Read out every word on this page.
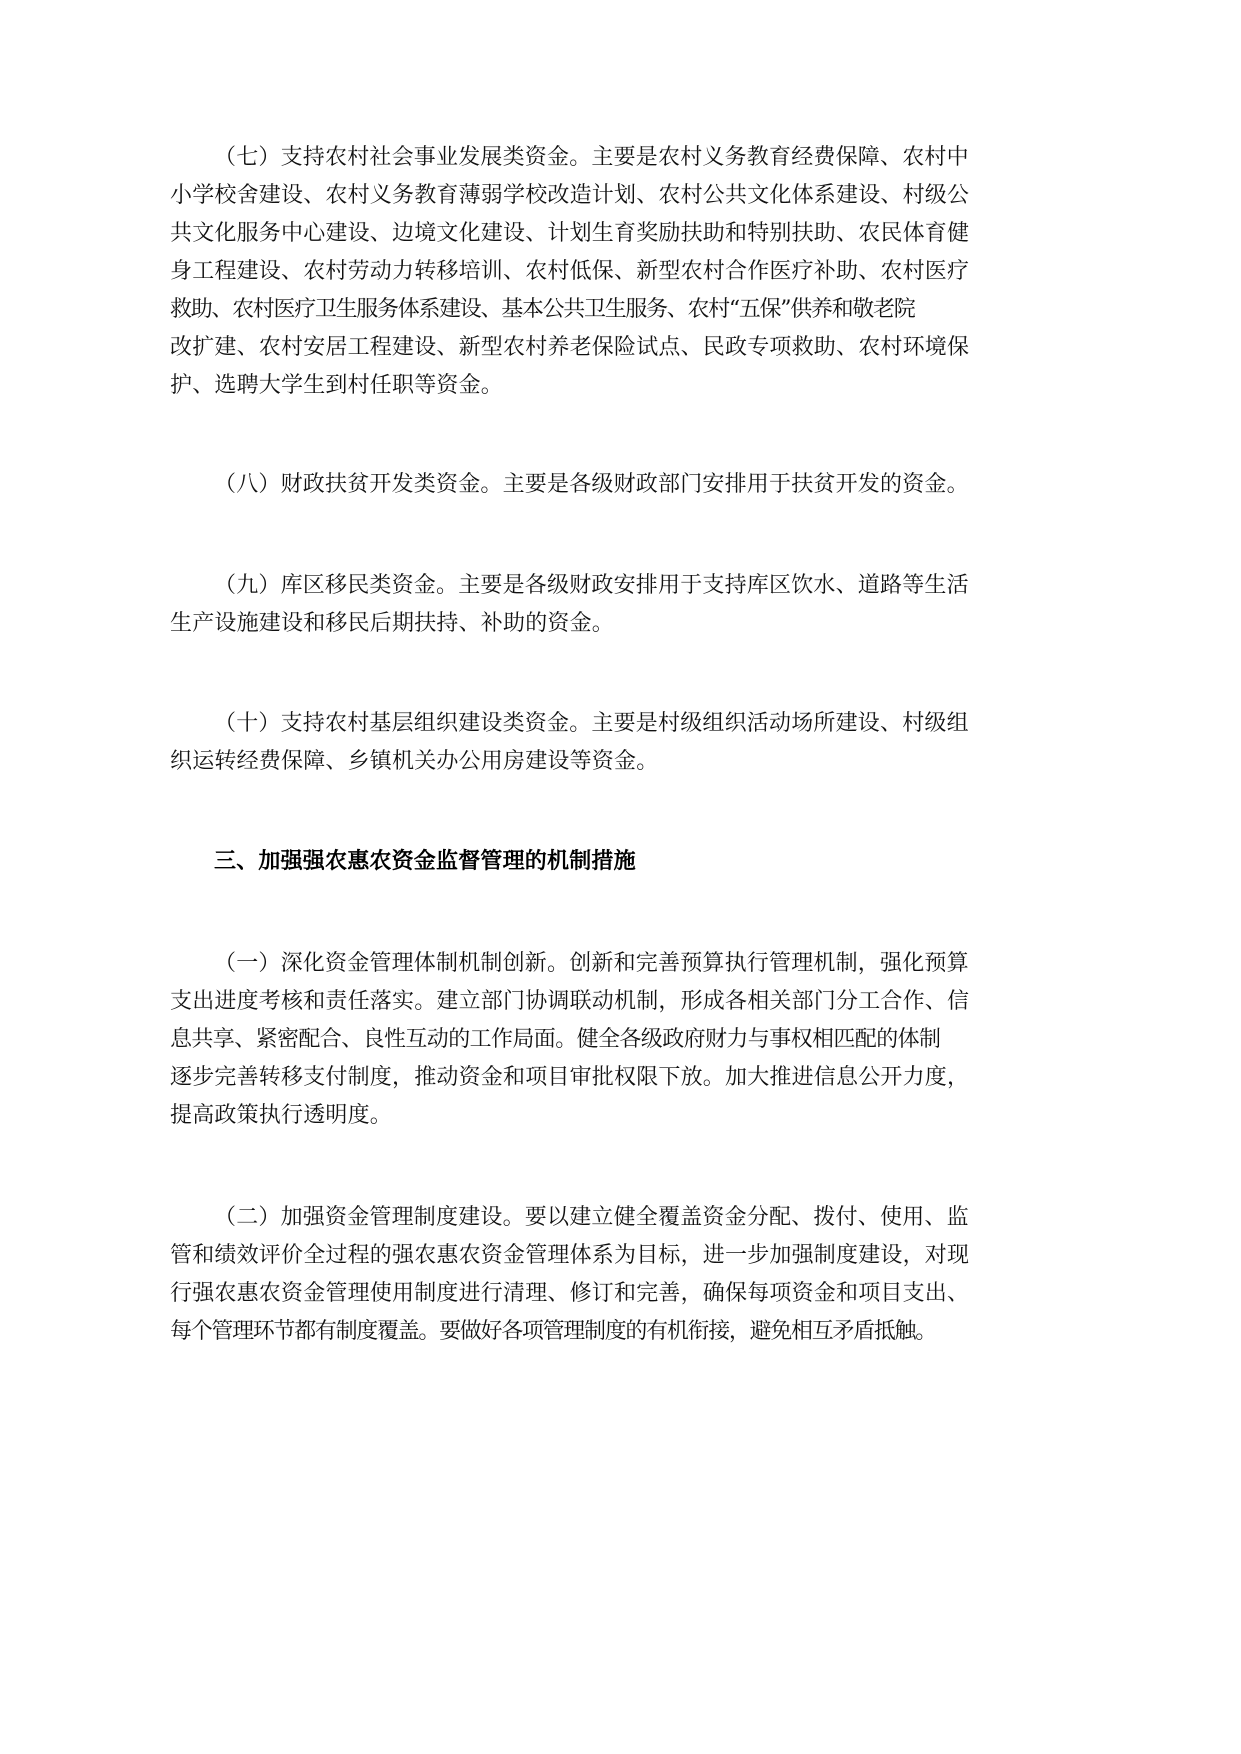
（七）支持农村社会事业发展类资金。主要是农村义务教育经费保障、农村中
小学校舍建设、农村义务教育薄弱学校改造计划、农村公共文化体系建设、村级公
共文化服务中心建设、边境文化建设、计划生育奖励扶助和特别扶助、农民体育健
身工程建设、农村劳动力转移培训、农村低保、新型农村合作医疗补助、农村医疗
救助、农村医疗卫生服务体系建设、基本公共卫生服务、农村“五保”供养和敬老院
改扩建、农村安居工程建设、新型农村养老保险试点、民政专项救助、农村环境保
护、选聘大学生到村任职等资金。
（八）财政扶贫开发类资金。主要是各级财政部门安排用于扶贫开发的资金。
（九）库区移民类资金。主要是各级财政安排用于支持库区饮水、道路等生活
生产设施建设和移民后期扶持、补助的资金。
（十）支持农村基层组织建设类资金。主要是村级组织活动场所建设、村级组
织运转经费保障、乡镇机关办公用房建设等资金。
三、加强强农惠农资金监督管理的机制措施
（一）深化资金管理体制机制创新。创新和完善预算执行管理机制，强化预算
支出进度考核和责任落实。建立部门协调联动机制，形成各相关部门分工合作、信
息共享、紧密配合、良性互动的工作局面。健全各级政府财力与事权相匹配的体制
逐步完善转移支付制度，推动资金和项目审批权限下放。加大推进信息公开力度，
提高政策执行透明度。
（二）加强资金管理制度建设。要以建立健全覆盖资金分配、拨付、使用、监
管和绩效评价全过程的强农惠农资金管理体系为目标，进一步加强制度建设，对现
行强农惠农资金管理使用制度进行清理、修订和完善，确保每项资金和项目支出、
每个管理环节都有制度覆盖。要做好各项管理制度的有机衔接，避免相互矛盾抵触。
